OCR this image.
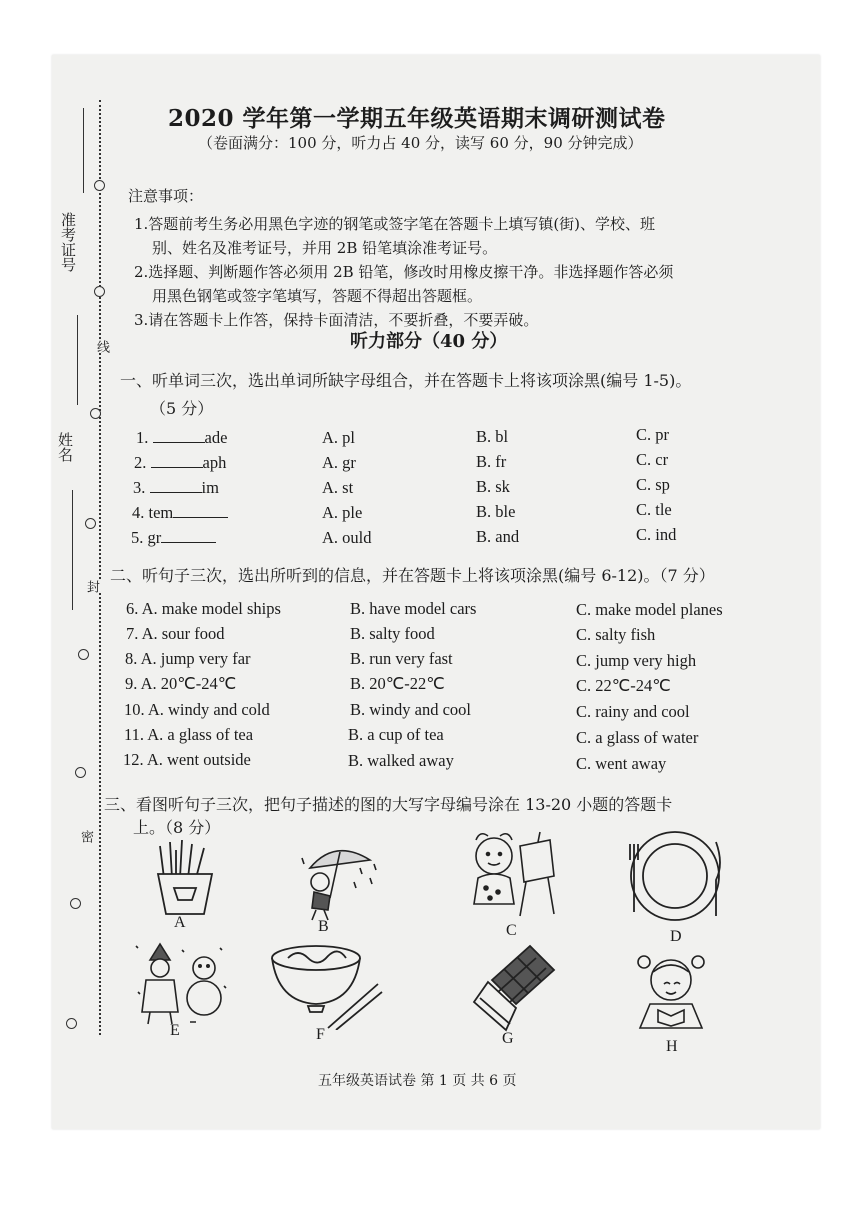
准考证号
姓名
线
封
密
2020 学年第一学期五年级英语期末调研测试卷
（卷面满分：100 分，听力占 40 分，读写 60 分，90 分钟完成）
注意事项：
1.答题前考生务必用黑色字迹的钢笔或签字笔在答题卡上填写镇(街)、学校、班
别、姓名及准考证号，并用 2B 铅笔填涂准考证号。
2.选择题、判断题作答必须用 2B 铅笔，修改时用橡皮擦干净。非选择题作答必须
用黑色钢笔或签字笔填写，答题不得超出答题框。
3.请在答题卡上作答，保持卡面清洁，不要折叠，不要弄破。
听力部分（40 分）
一、听单词三次，选出单词所缺字母组合，并在答题卡上将该项涂黑(编号 1-5)。
（5 分）
1.	ade	A. pl	B. bl	C. pr
2.	aph	A. gr	B. fr	C. cr
3.	im	A. st	B. sk	C. sp
4. tem	A. ple	B. ble	C. tle
5. gr	A. ould	B. and	C. ind
二、听句子三次，选出所听到的信息，并在答题卡上将该项涂黑(编号 6-12)。（7 分）
6. A. make model ships	B. have model cars	C. make model planes
7. A. sour food	B. salty food	C. salty fish
8. A. jump very far	B. run very fast	C. jump very high
9. A. 20℃-24℃	B. 20℃-22℃	C. 22℃-24℃
10. A. windy and cold	B. windy and cool	C. rainy and cool
11. A. a glass of tea	B. a cup of tea	C. a glass of water
12. A. went outside	B. walked away	C. went away
三、看图听句子三次，把句子描述的图的大写字母编号涂在 13-20 小题的答题卡
上。（8 分）
A	B	C	D
E	F	G	H
五年级英语试卷 第 1 页 共 6 页
